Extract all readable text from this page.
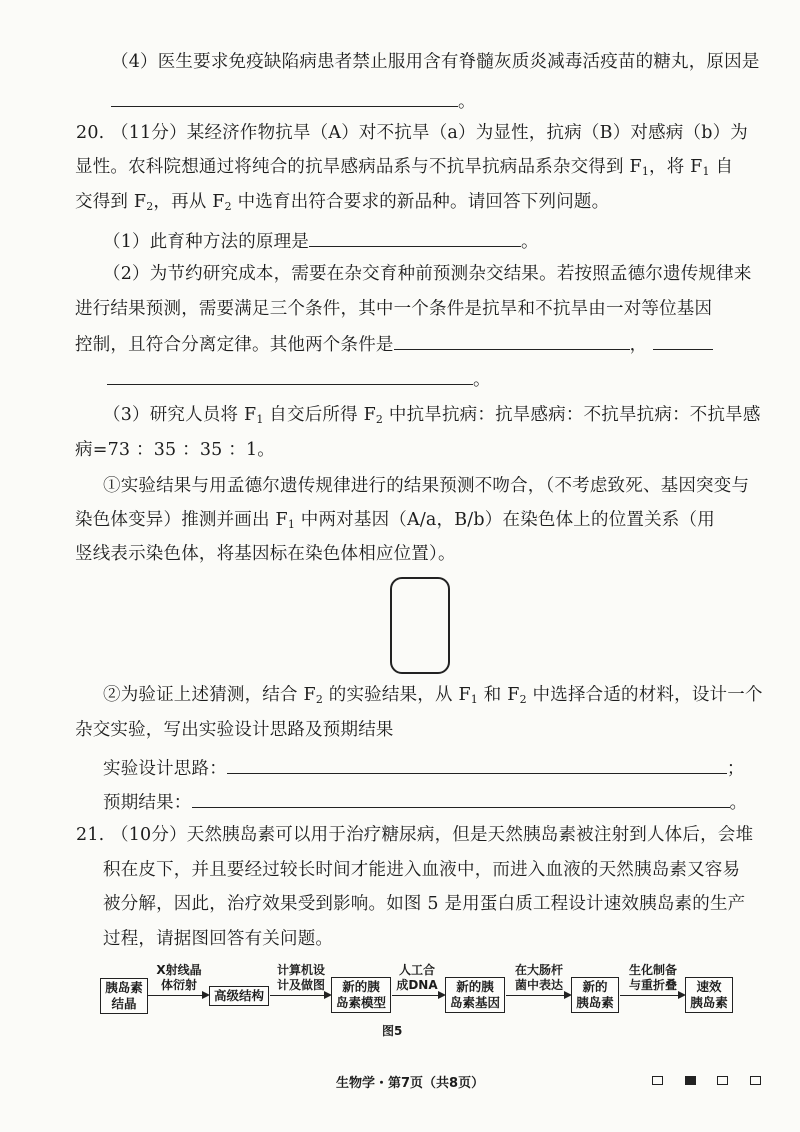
（4）医生要求免疫缺陷病患者禁止服用含有脊髓灰质炎减毒活疫苗的糖丸，原因是
。
20. （11分）某经济作物抗旱（A）对不抗旱（a）为显性，抗病（B）对感病（b）为
显性。农科院想通过将纯合的抗旱感病品系与不抗旱抗病品系杂交得到 $F_1$，将 $F_1$ 自
交得到 $F_2$，再从 $F_2$ 中选育出符合要求的新品种。请回答下列问题。
（1）此育种方法的原理是	。
（2）为节约研究成本，需要在杂交育种前预测杂交结果。若按照孟德尔遗传规律来
进行结果预测，需要满足三个条件，其中一个条件是抗旱和不抗旱由一对等位基因
控制，且符合分离定律。其他两个条件是	，
。
（3）研究人员将 $F_1$ 自交后所得 $F_2$ 中抗旱抗病：抗旱感病：不抗旱抗病：不抗旱感
病=73 ：35 ：35 ：1。
①实验结果与用孟德尔遗传规律进行的结果预测不吻合，（不考虑致死、基因突变与
染色体变异）推测并画出 $F_1$ 中两对基因（A/a，B/b）在染色体上的位置关系（用
竖线表示染色体，将基因标在染色体相应位置）。
②为验证上述猜测，结合 $F_2$ 的实验结果，从 $F_1$ 和 $F_2$ 中选择合适的材料，设计一个
杂交实验，写出实验设计思路及预期结果
实验设计思路：	；
预期结果：	。
21. （10分）天然胰岛素可以用于治疗糖尿病，但是天然胰岛素被注射到人体后，会堆
积在皮下，并且要经过较长时间才能进入血液中，而进入血液的天然胰岛素又容易
被分解，因此，治疗效果受到影响。如图 5 是用蛋白质工程设计速效胰岛素的生产
过程，请据图回答有关问题。
胰岛素
结晶
X射线晶
体衍射
高级结构
计算机设
计及做图	新的胰
岛素模型
人工合
成DNA	新的胰
岛素基因
在大肠杆
菌中表达	新的
胰岛素
生化制备
与重折叠	速效
胰岛素
图5
生物学・第7页（共8页）
